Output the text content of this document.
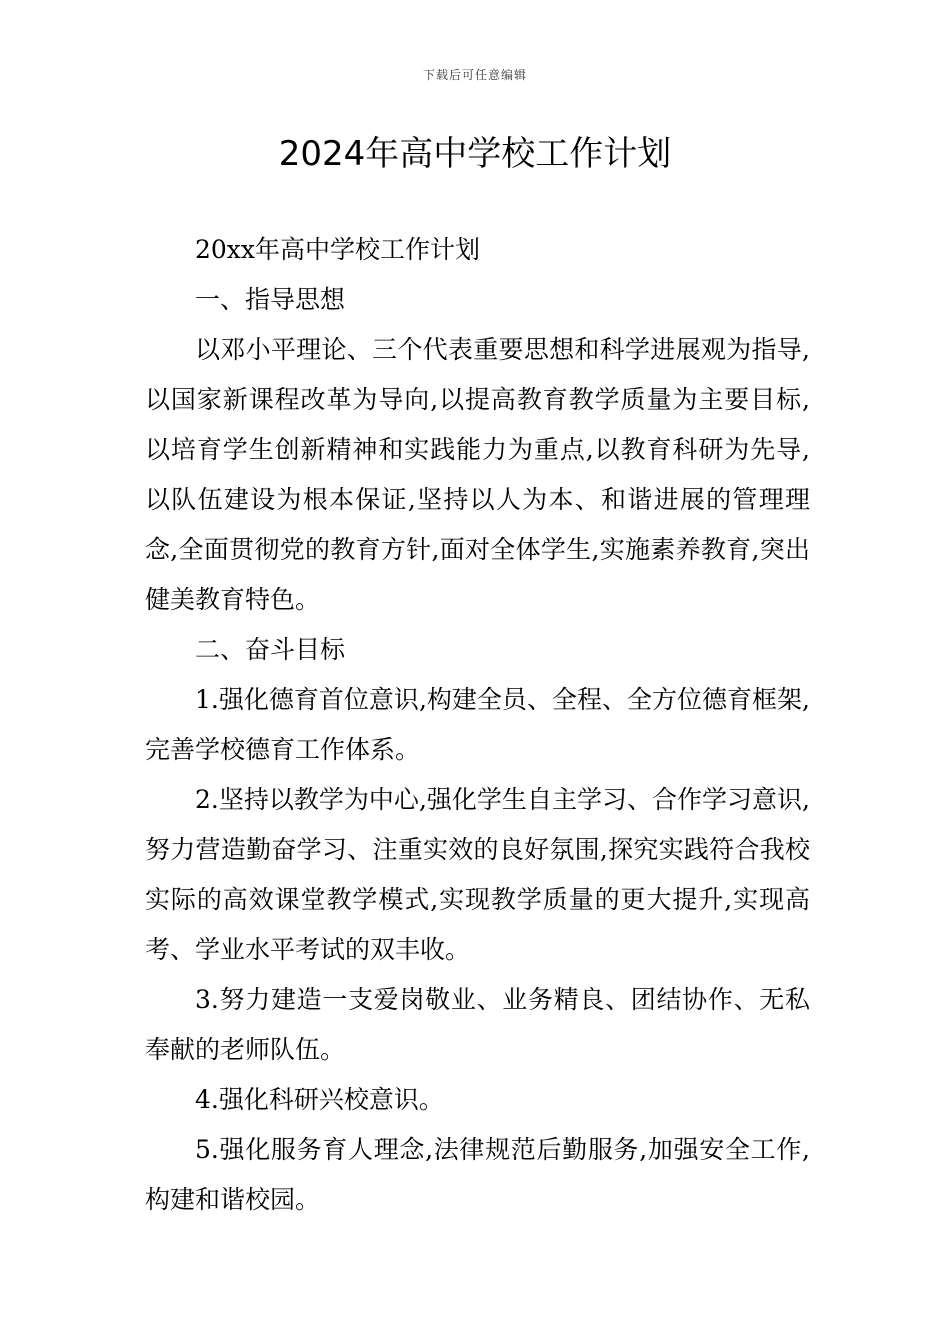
下载后可任意编辑
2024年高中学校工作计划

20xx年高中学校工作计划

一、指导思想

以邓小平理论、三个代表重要思想和科学进展观为指导,以国家新课程改革为导向,以提高教育教学质量为主要目标,以培育学生创新精神和实践能力为重点,以教育科研为先导,以队伍建设为根本保证,坚持以人为本、和谐进展的管理理念,全面贯彻党的教育方针,面对全体学生,实施素养教育,突出健美教育特色。

二、奋斗目标

1.强化德育首位意识,构建全员、全程、全方位德育框架,完善学校德育工作体系。

2.坚持以教学为中心,强化学生自主学习、合作学习意识,努力营造勤奋学习、注重实效的良好氛围,探究实践符合我校实际的高效课堂教学模式,实现教学质量的更大提升,实现高考、学业水平考试的双丰收。

3.努力建造一支爱岗敬业、业务精良、团结协作、无私奉献的老师队伍。

4.强化科研兴校意识。

5.强化服务育人理念,法律规范后勤服务,加强安全工作,构建和谐校园。
